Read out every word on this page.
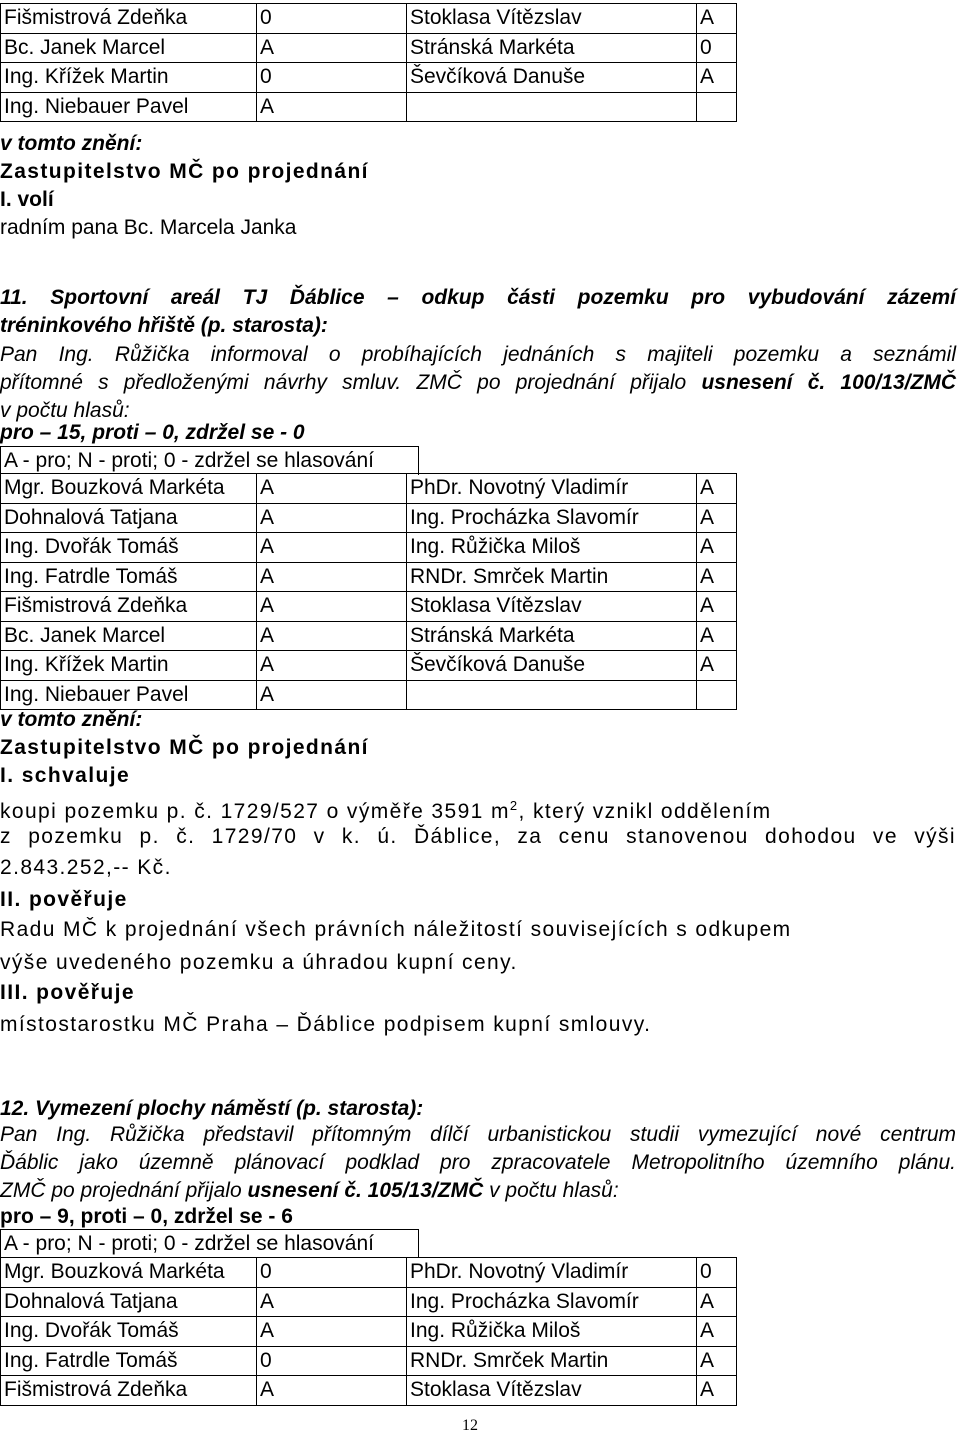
Fišmistrová Zdeňka	0	Stoklasa Vítězslav	A
Bc. Janek Marcel	A	Stránská Markéta	0
Ing. Křížek Martin	0	Ševčíková Danuše	A
Ing. Niebauer Pavel	A		
v tomto znění:
Zastupitelstvo MČ po projednání
I. volí
radním pana Bc. Marcela Janka
11. Sportovní areál TJ Ďáblice – odkup části pozemku pro vybudování zázemí
tréninkového hřiště (p. starosta):
Pan Ing. Růžička informoval o probíhajících jednáních s majiteli pozemku a seznámil
přítomné s předloženými návrhy smluv. ZMČ po projednání přijalo usnesení č. 100/13/ZMČ
v počtu hlasů:
pro – 15, proti – 0, zdržel se - 0
A - pro; N - proti; 0 - zdržel se hlasování
Mgr. Bouzková Markéta	A	PhDr. Novotný Vladimír	A
Dohnalová Tatjana	A	Ing. Procházka Slavomír	A
Ing. Dvořák Tomáš	A	Ing. Růžička Miloš	A
Ing. Fatrdle Tomáš	A	RNDr. Smrček Martin	A
Fišmistrová Zdeňka	A	Stoklasa Vítězslav	A
Bc. Janek Marcel	A	Stránská Markéta	A
Ing. Křížek Martin	A	Ševčíková Danuše	A
Ing. Niebauer Pavel	A		
v tomto znění:
Zastupitelstvo MČ po projednání
I. schvaluje
koupi pozemku p. č. 1729/527 o výměře 3591 $m^2$, který vznikl oddělením
z pozemku p. č. 1729/70 v k. ú. Ďáblice, za cenu stanovenou dohodou ve výši
2.843.252,-- Kč.
II. pověřuje
Radu MČ k projednání všech právních náležitostí souvisejících s odkupem
výše uvedeného pozemku a úhradou kupní ceny.
III. pověřuje
místostarostku MČ Praha – Ďáblice podpisem kupní smlouvy.
12. Vymezení plochy náměstí (p. starosta):
Pan Ing. Růžička představil přítomným dílčí urbanistickou studii vymezující nové centrum
Ďáblic jako územně plánovací podklad pro zpracovatele Metropolitního územního plánu.
ZMČ po projednání přijalo usnesení č. 105/13/ZMČ v počtu hlasů:
pro – 9, proti – 0, zdržel se - 6
A - pro; N - proti; 0 - zdržel se hlasování
Mgr. Bouzková Markéta	0	PhDr. Novotný Vladimír	0
Dohnalová Tatjana	A	Ing. Procházka Slavomír	A
Ing. Dvořák Tomáš	A	Ing. Růžička Miloš	A
Ing. Fatrdle Tomáš	0	RNDr. Smrček Martin	A
Fišmistrová Zdeňka	A	Stoklasa Vítězslav	A
12
